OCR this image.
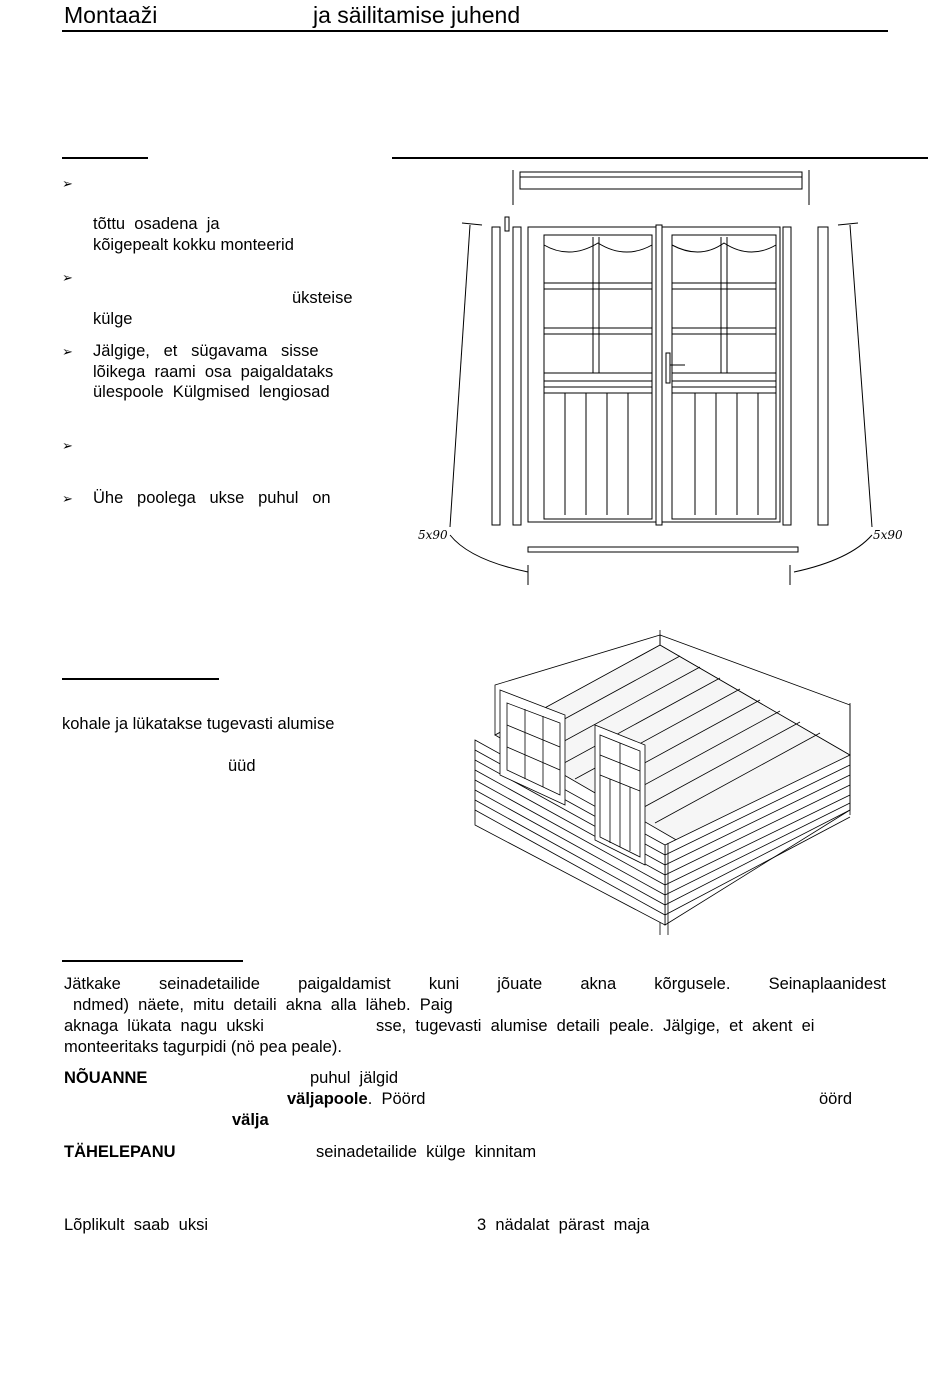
Montaaži	ja säilitamise juhend
➢
tõttu  osadena  ja
kõigepealt kokku monteerid
➢
üksteise
külge
➢ Jälgige,   et   sügavama   sisse
lõikega  raami  osa  paigaldataks
ülespoole  Külgmised  lengiosad
➢
➢ Ühe   poolega   ukse   puhul   on
5x90	5x90
kohale ja lükatakse tugevasti alumise
üüd
Jätkake  seinadetailide  paigaldamist  kuni  jõuate  akna  kõrgusele.  Seinaplaanidest
ndmed)  näete,  mitu  detaili  akna  alla  läheb.  Paig
aknaga  lükata  nagu  ukski	sse,  tugevasti  alumise  detaili  peale.  Jälgige,  et  akent  ei
monteeritaks tagurpidi (nö pea peale).
NÕUANNE	puhul  jälgid
väljapoole.  Pöörd	öörd
välja
TÄHELEPANU	seinadetailide  külge  kinnitam
Lõplikult  saab  uksi	3  nädalat  pärast  maja
